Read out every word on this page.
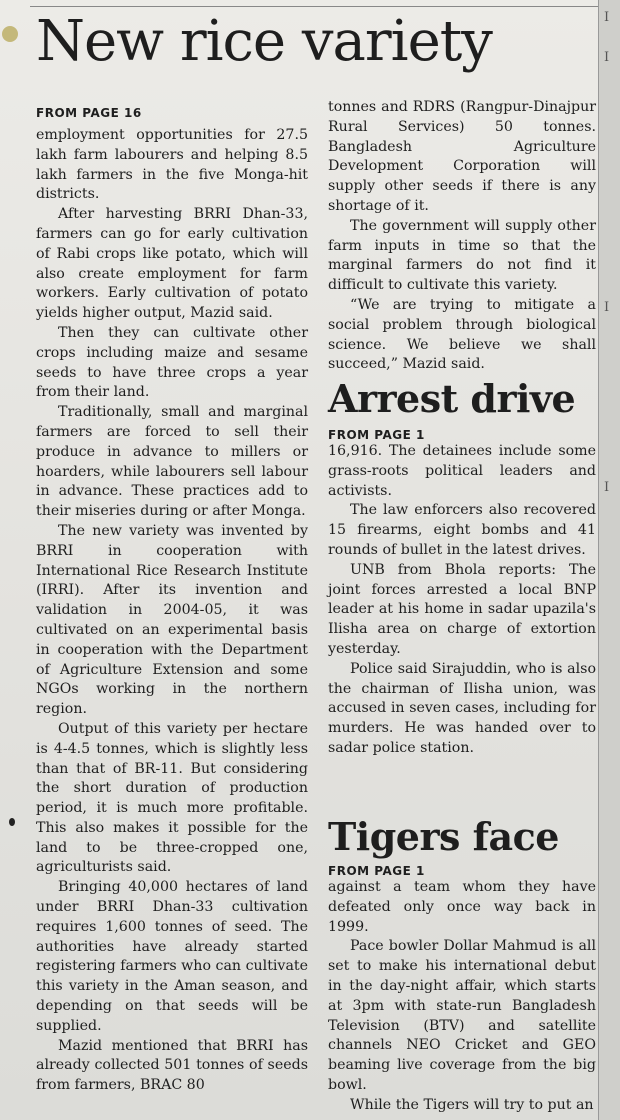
I
I
I
I
New rice variety
FROM PAGE 16

employment opportunities for 27.5 lakh farm labourers and helping 8.5 lakh farmers in the five Monga-hit districts.

After harvesting BRRI Dhan-33, farmers can go for early cultivation of Rabi crops like potato, which will also create employment for farm workers. Early cultivation of potato yields higher output, Mazid said.

Then they can cultivate other crops including maize and sesame seeds to have three crops a year from their land.

Traditionally, small and marginal farmers are forced to sell their produce in advance to millers or hoarders, while labourers sell labour in advance. These practices add to their miseries during or after Monga.

The new variety was invented by BRRI in cooperation with International Rice Research Institute (IRRI). After its invention and validation in 2004-05, it was cultivated on an experimental basis in cooperation with the Department of Agriculture Extension and some NGOs working in the northern region.

Output of this variety per hectare is 4-4.5 tonnes, which is slightly less than that of BR-11. But considering the short duration of production period, it is much more profitable. This also makes it possible for the land to be three-cropped one, agriculturists said.

Bringing 40,000 hectares of land under BRRI Dhan-33 cultivation requires 1,600 tonnes of seed. The authorities have already started registering farmers who can cultivate this variety in the Aman season, and depending on that seeds will be supplied.

Mazid mentioned that BRRI has already collected 501 tonnes of seeds from farmers, BRAC 80

tonnes and RDRS (Rangpur-Dinajpur Rural Services) 50 tonnes. Bangladesh Agriculture Development Corporation will supply other seeds if there is any shortage of it.

The government will supply other farm inputs in time so that the marginal farmers do not find it difficult to cultivate this variety.

“We are trying to mitigate a social problem through biological science. We believe we shall succeed,” Mazid said.

Arrest drive
FROM PAGE 1

16,916. The detainees include some grass-roots political leaders and activists.

The law enforcers also recovered 15 firearms, eight bombs and 41 rounds of bullet in the latest drives.

UNB from Bhola reports: The joint forces arrested a local BNP leader at his home in sadar upazila's Ilisha area on charge of extortion yesterday.

Police said Sirajuddin, who is also the chairman of Ilisha union, was accused in seven cases, including for murders. He was handed over to sadar police station.

Tigers face
FROM PAGE 1

against a team whom they have defeated only once way back in 1999.

Pace bowler Dollar Mahmud is all set to make his international debut in the day-night affair, which starts at 3pm with state-run Bangladesh Television (BTV) and satellite channels NEO Cricket and GEO beaming live coverage from the big bowl.

While the Tigers will try to put an
